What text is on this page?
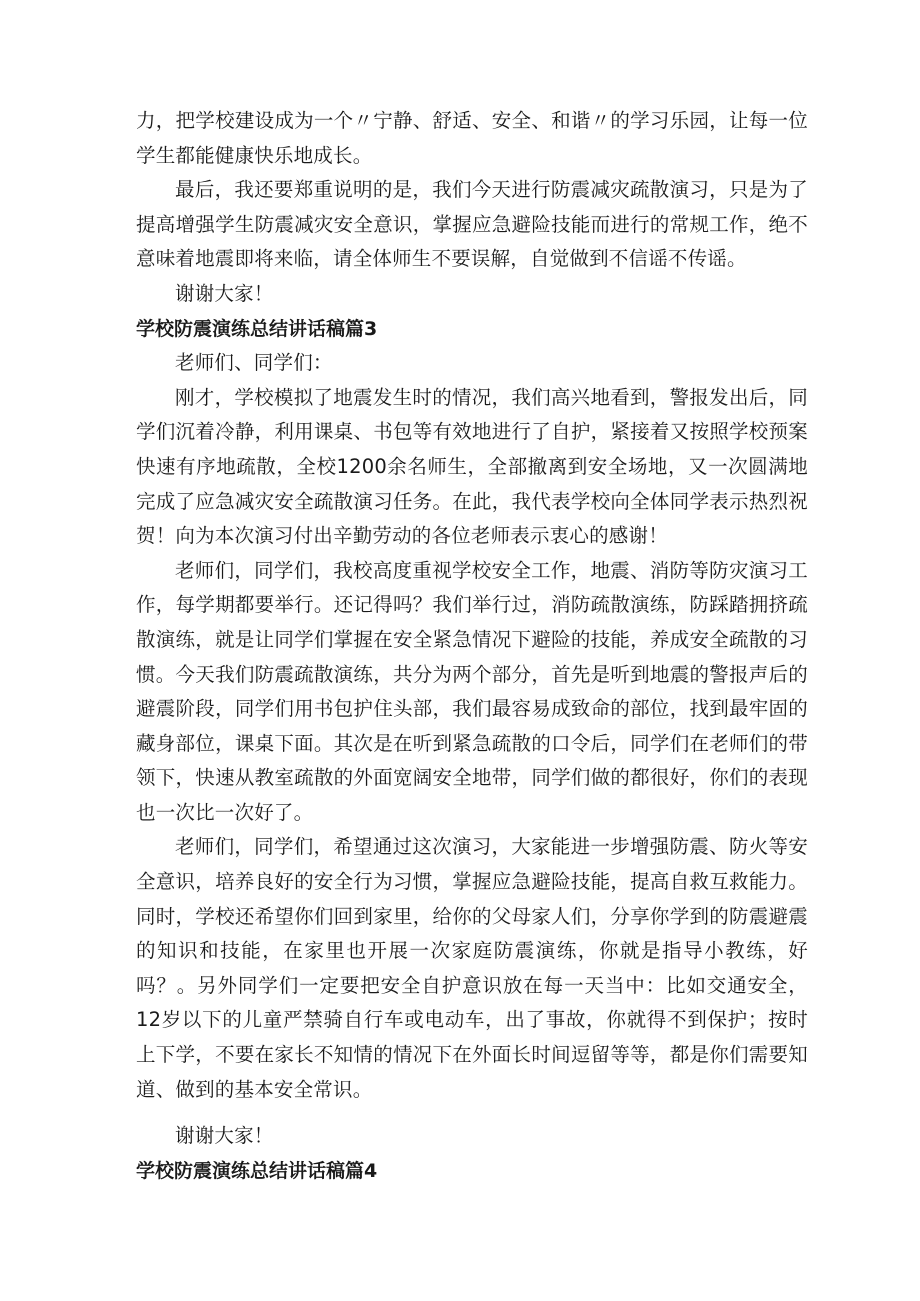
力，把学校建设成为一个〃宁静、舒适、安全、和谐〃的学习乐园，让每一位学生都能健康快乐地成长。

最后，我还要郑重说明的是，我们今天进行防震减灾疏散演习，只是为了提高增强学生防震减灾安全意识，掌握应急避险技能而进行的常规工作，绝不意味着地震即将来临，请全体师生不要误解，自觉做到不信谣不传谣。

谢谢大家！

学校防震演练总结讲话稿篇3

老师们、同学们：

刚才，学校模拟了地震发生时的情况，我们高兴地看到，警报发出后，同学们沉着冷静，利用课桌、书包等有效地进行了自护，紧接着又按照学校预案快速有序地疏散，全校1200余名师生，全部撤离到安全场地，又一次圆满地完成了应急减灾安全疏散演习任务。在此，我代表学校向全体同学表示热烈祝贺！向为本次演习付出辛勤劳动的各位老师表示衷心的感谢！

老师们，同学们，我校高度重视学校安全工作，地震、消防等防灾演习工作，每学期都要举行。还记得吗？我们举行过，消防疏散演练，防踩踏拥挤疏散演练，就是让同学们掌握在安全紧急情况下避险的技能，养成安全疏散的习惯。今天我们防震疏散演练，共分为两个部分，首先是听到地震的警报声后的避震阶段，同学们用书包护住头部，我们最容易成致命的部位，找到最牢固的藏身部位，课桌下面。其次是在听到紧急疏散的口令后，同学们在老师们的带领下，快速从教室疏散的外面宽阔安全地带，同学们做的都很好，你们的表现也一次比一次好了。

老师们，同学们，希望通过这次演习，大家能进一步增强防震、防火等安全意识，培养良好的安全行为习惯，掌握应急避险技能，提高自救互救能力。同时，学校还希望你们回到家里，给你的父母家人们，分享你学到的防震避震的知识和技能，在家里也开展一次家庭防震演练，你就是指导小教练，好吗？。另外同学们一定要把安全自护意识放在每一天当中：比如交通安全，12岁以下的儿童严禁骑自行车或电动车，出了事故，你就得不到保护；按时上下学，不要在家长不知情的情况下在外面长时间逗留等等，都是你们需要知道、做到的基本安全常识。

谢谢大家！

学校防震演练总结讲话稿篇4
